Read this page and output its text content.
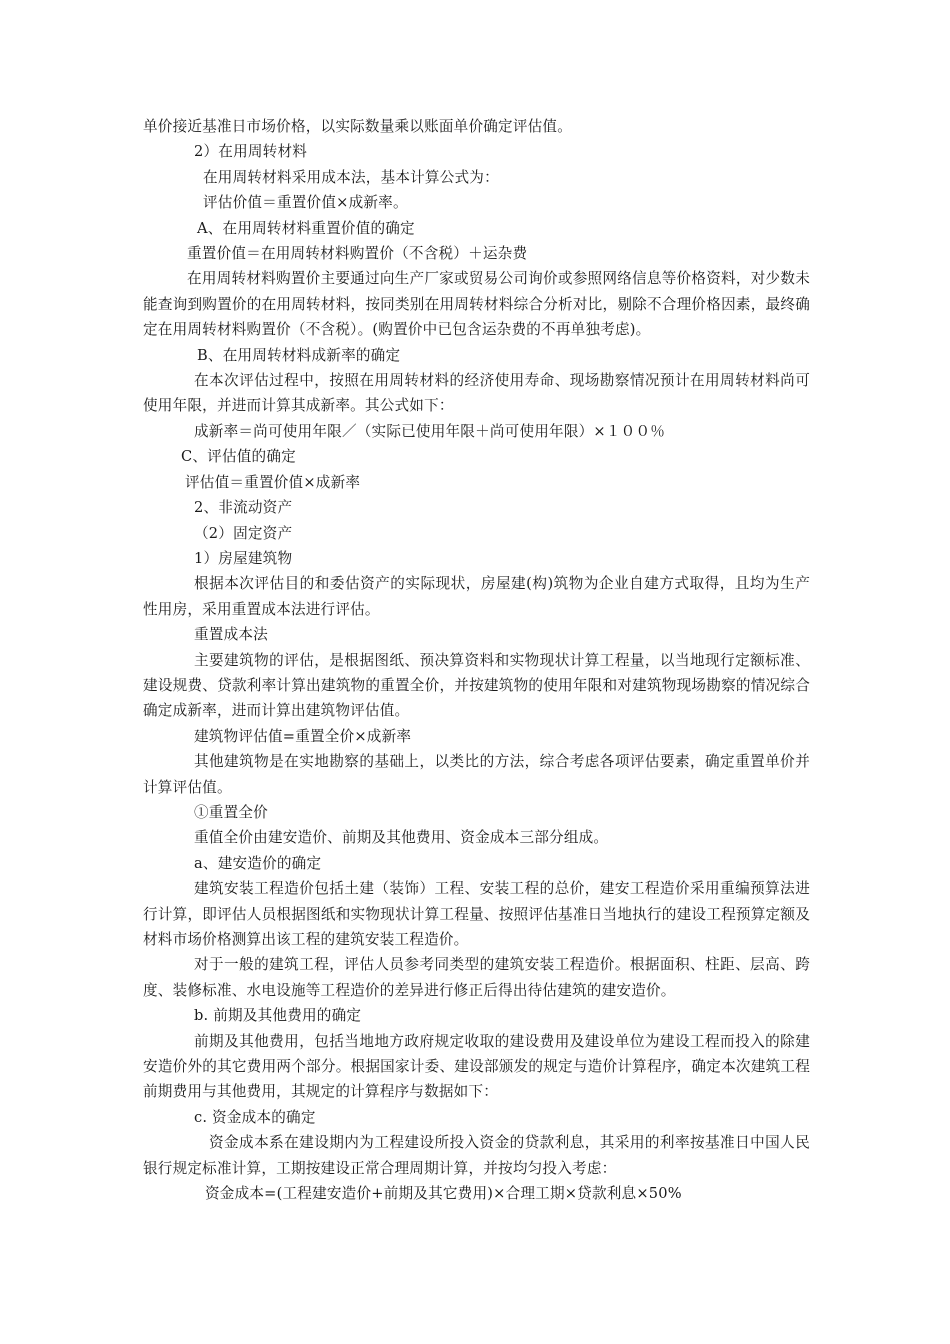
单价接近基准日市场价格，以实际数量乘以账面单价确定评估值。

2）在用周转材料

在用周转材料采用成本法，基本计算公式为：

评估价值＝重置价值×成新率。

A、在用周转材料重置价值的确定

重置价值＝在用周转材料购置价（不含税）＋运杂费

在用周转材料购置价主要通过向生产厂家或贸易公司询价或参照网络信息等价格资料，对少数未能查询到购置价的在用周转材料，按同类别在用周转材料综合分析对比，剔除不合理价格因素，最终确定在用周转材料购置价（不含税）。(购置价中已包含运杂费的不再单独考虑)。

B、在用周转材料成新率的确定

在本次评估过程中，按照在用周转材料的经济使用寿命、现场勘察情况预计在用周转材料尚可使用年限，并进而计算其成新率。其公式如下：

成新率＝尚可使用年限／（实际已使用年限＋尚可使用年限）×１００％

C、评估值的确定

评估值＝重置价值×成新率

2、非流动资产

（2）固定资产

1）房屋建筑物

根据本次评估目的和委估资产的实际现状，房屋建(构)筑物为企业自建方式取得，且均为生产性用房，采用重置成本法进行评估。

重置成本法

主要建筑物的评估，是根据图纸、预决算资料和实物现状计算工程量，以当地现行定额标准、建设规费、贷款利率计算出建筑物的重置全价，并按建筑物的使用年限和对建筑物现场勘察的情况综合确定成新率，进而计算出建筑物评估值。

建筑物评估值=重置全价×成新率

其他建筑物是在实地勘察的基础上，以类比的方法，综合考虑各项评估要素，确定重置单价并计算评估值。

①重置全价

重值全价由建安造价、前期及其他费用、资金成本三部分组成。

a、建安造价的确定

建筑安装工程造价包括土建（装饰）工程、安装工程的总价，建安工程造价采用重编预算法进行计算，即评估人员根据图纸和实物现状计算工程量、按照评估基准日当地执行的建设工程预算定额及材料市场价格测算出该工程的建筑安装工程造价。

对于一般的建筑工程，评估人员参考同类型的建筑安装工程造价。根据面积、柱距、层高、跨度、装修标准、水电设施等工程造价的差异进行修正后得出待估建筑的建安造价。

b. 前期及其他费用的确定

前期及其他费用，包括当地地方政府规定收取的建设费用及建设单位为建设工程而投入的除建安造价外的其它费用两个部分。根据国家计委、建设部颁发的规定与造价计算程序，确定本次建筑工程前期费用与其他费用，其规定的计算程序与数据如下：

c. 资金成本的确定

资金成本系在建设期内为工程建设所投入资金的贷款利息，其采用的利率按基准日中国人民银行规定标准计算，工期按建设正常合理周期计算，并按均匀投入考虑：

资金成本=(工程建安造价+前期及其它费用)×合理工期×贷款利息×50%
